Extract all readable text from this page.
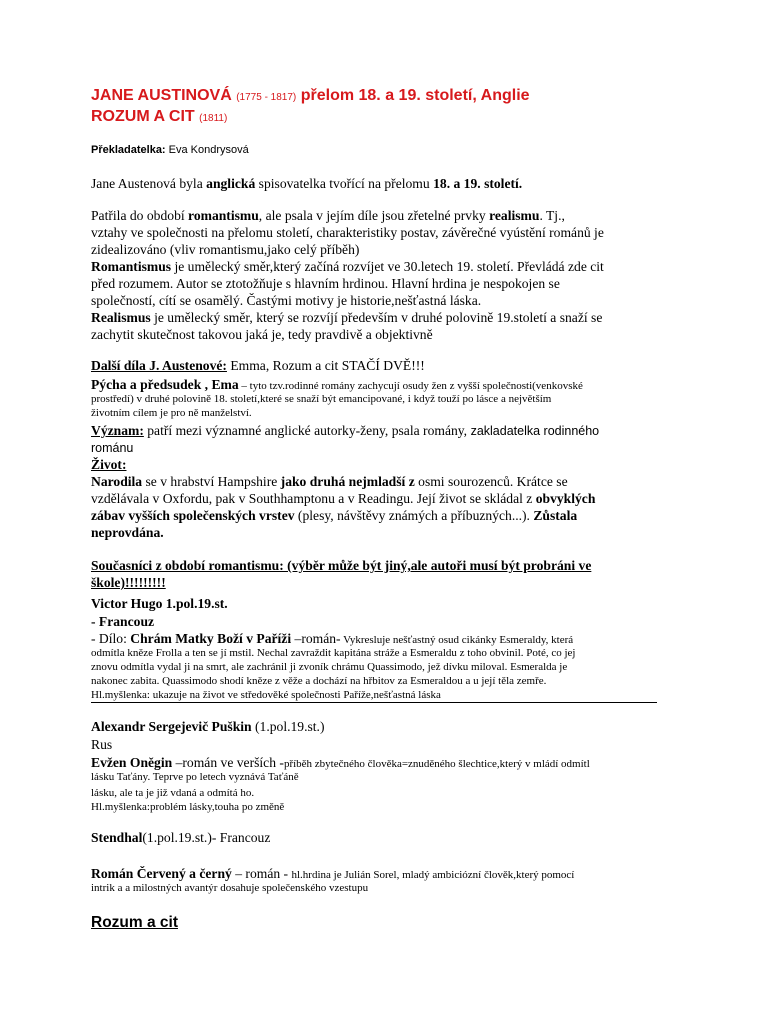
JANE AUSTINOVÁ (1775 - 1817) přelom 18. a 19. století, Anglie
ROZUM A CIT (1811)
Překladatelka: Eva Kondrysová
Jane Austenová byla anglická spisovatelka tvořící na přelomu 18. a 19. století.
Patřila do období romantismu, ale psala v jejím díle jsou zřetelné prvky realismu. Tj.,
vztahy ve společnosti na přelomu století, charakteristiky postav, závěrečné vyústění románů je
zidealizováno (vliv romantismu,jako celý příběh)
Romantismus je umělecký směr,který začíná rozvíjet ve 30.letech 19. století. Převládá zde cit
před rozumem. Autor se ztotožňuje s hlavním hrdinou. Hlavní hrdina je nespokojen se
společností, cítí se osamělý. Častými motivy je historie,nešťastná láska.
Realismus je umělecký směr, který se rozvíjí především v druhé polovině 19.století a snaží se
zachytit skutečnost takovou jaká je, tedy pravdivě a objektivně
Další díla J. Austenové: Emma, Rozum a cit STAČÍ DVĚ!!!
Pýcha a předsudek , Ema – tyto tzv.rodinné romány zachycují osudy žen z vyšší společnosti(venkovské
prostředí) v druhé polovině 18. století,které se snaží být emancipované, i když touží po lásce a největším
životním cílem je pro ně manželství.
Význam: patří mezi významné anglické autorky-ženy, psala romány, zakladatelka rodinného
románu
Život:
Narodila se v hrabství Hampshire jako druhá nejmladší z osmi sourozenců. Krátce se
vzdělávala v Oxfordu, pak v Southhamptonu a v Readingu. Její život se skládal z obvyklých
zábav vyšších společenských vrstev (plesy, návštěvy známých a příbuzných...). Zůstala
neprovdána.
Současníci z období romantismu: (výběr může být jiný,ale autoři musí být probráni ve
škole)!!!!!!!!!
Victor Hugo 1.pol.19.st.
- Francouz
- Dílo: Chrám Matky Boží v Paříži –román- Vykresluje nešťastný osud cikánky Esmeraldy, která
odmítla kněze Frolla a ten se jí mstil. Nechal zavraždit kapitána stráže a Esmeraldu z toho obvinil. Poté, co jej
znovu odmítla vydal ji na smrt, ale zachránil ji zvoník chrámu Quassimodo, jež dívku miloval. Esmeralda je
nakonec zabita. Quassimodo shodí kněze z věže a dochází na hřbitov za Esmeraldou a u její těla zemře.
Hl.myšlenka: ukazuje na život ve středověké společnosti Paříže,nešťastná láska
Alexandr Sergejevič Puškin (1.pol.19.st.)
Rus
Evžen Oněgin –román ve verších -příběh zbytečného člověka=znuděného šlechtice,který v mládí odmítl
lásku Taťány. Teprve po letech vyznává Taťáně
lásku, ale ta je již vdaná a odmítá ho.
Hl.myšlenka:problém lásky,touha po změně
Stendhal(1.pol.19.st.)- Francouz
Román Červený a černý – román - hl.hrdina je Julián Sorel, mladý ambiciózní člověk,který pomocí
intrik a a milostných avantýr dosahuje společenského vzestupu
Rozum a cit
